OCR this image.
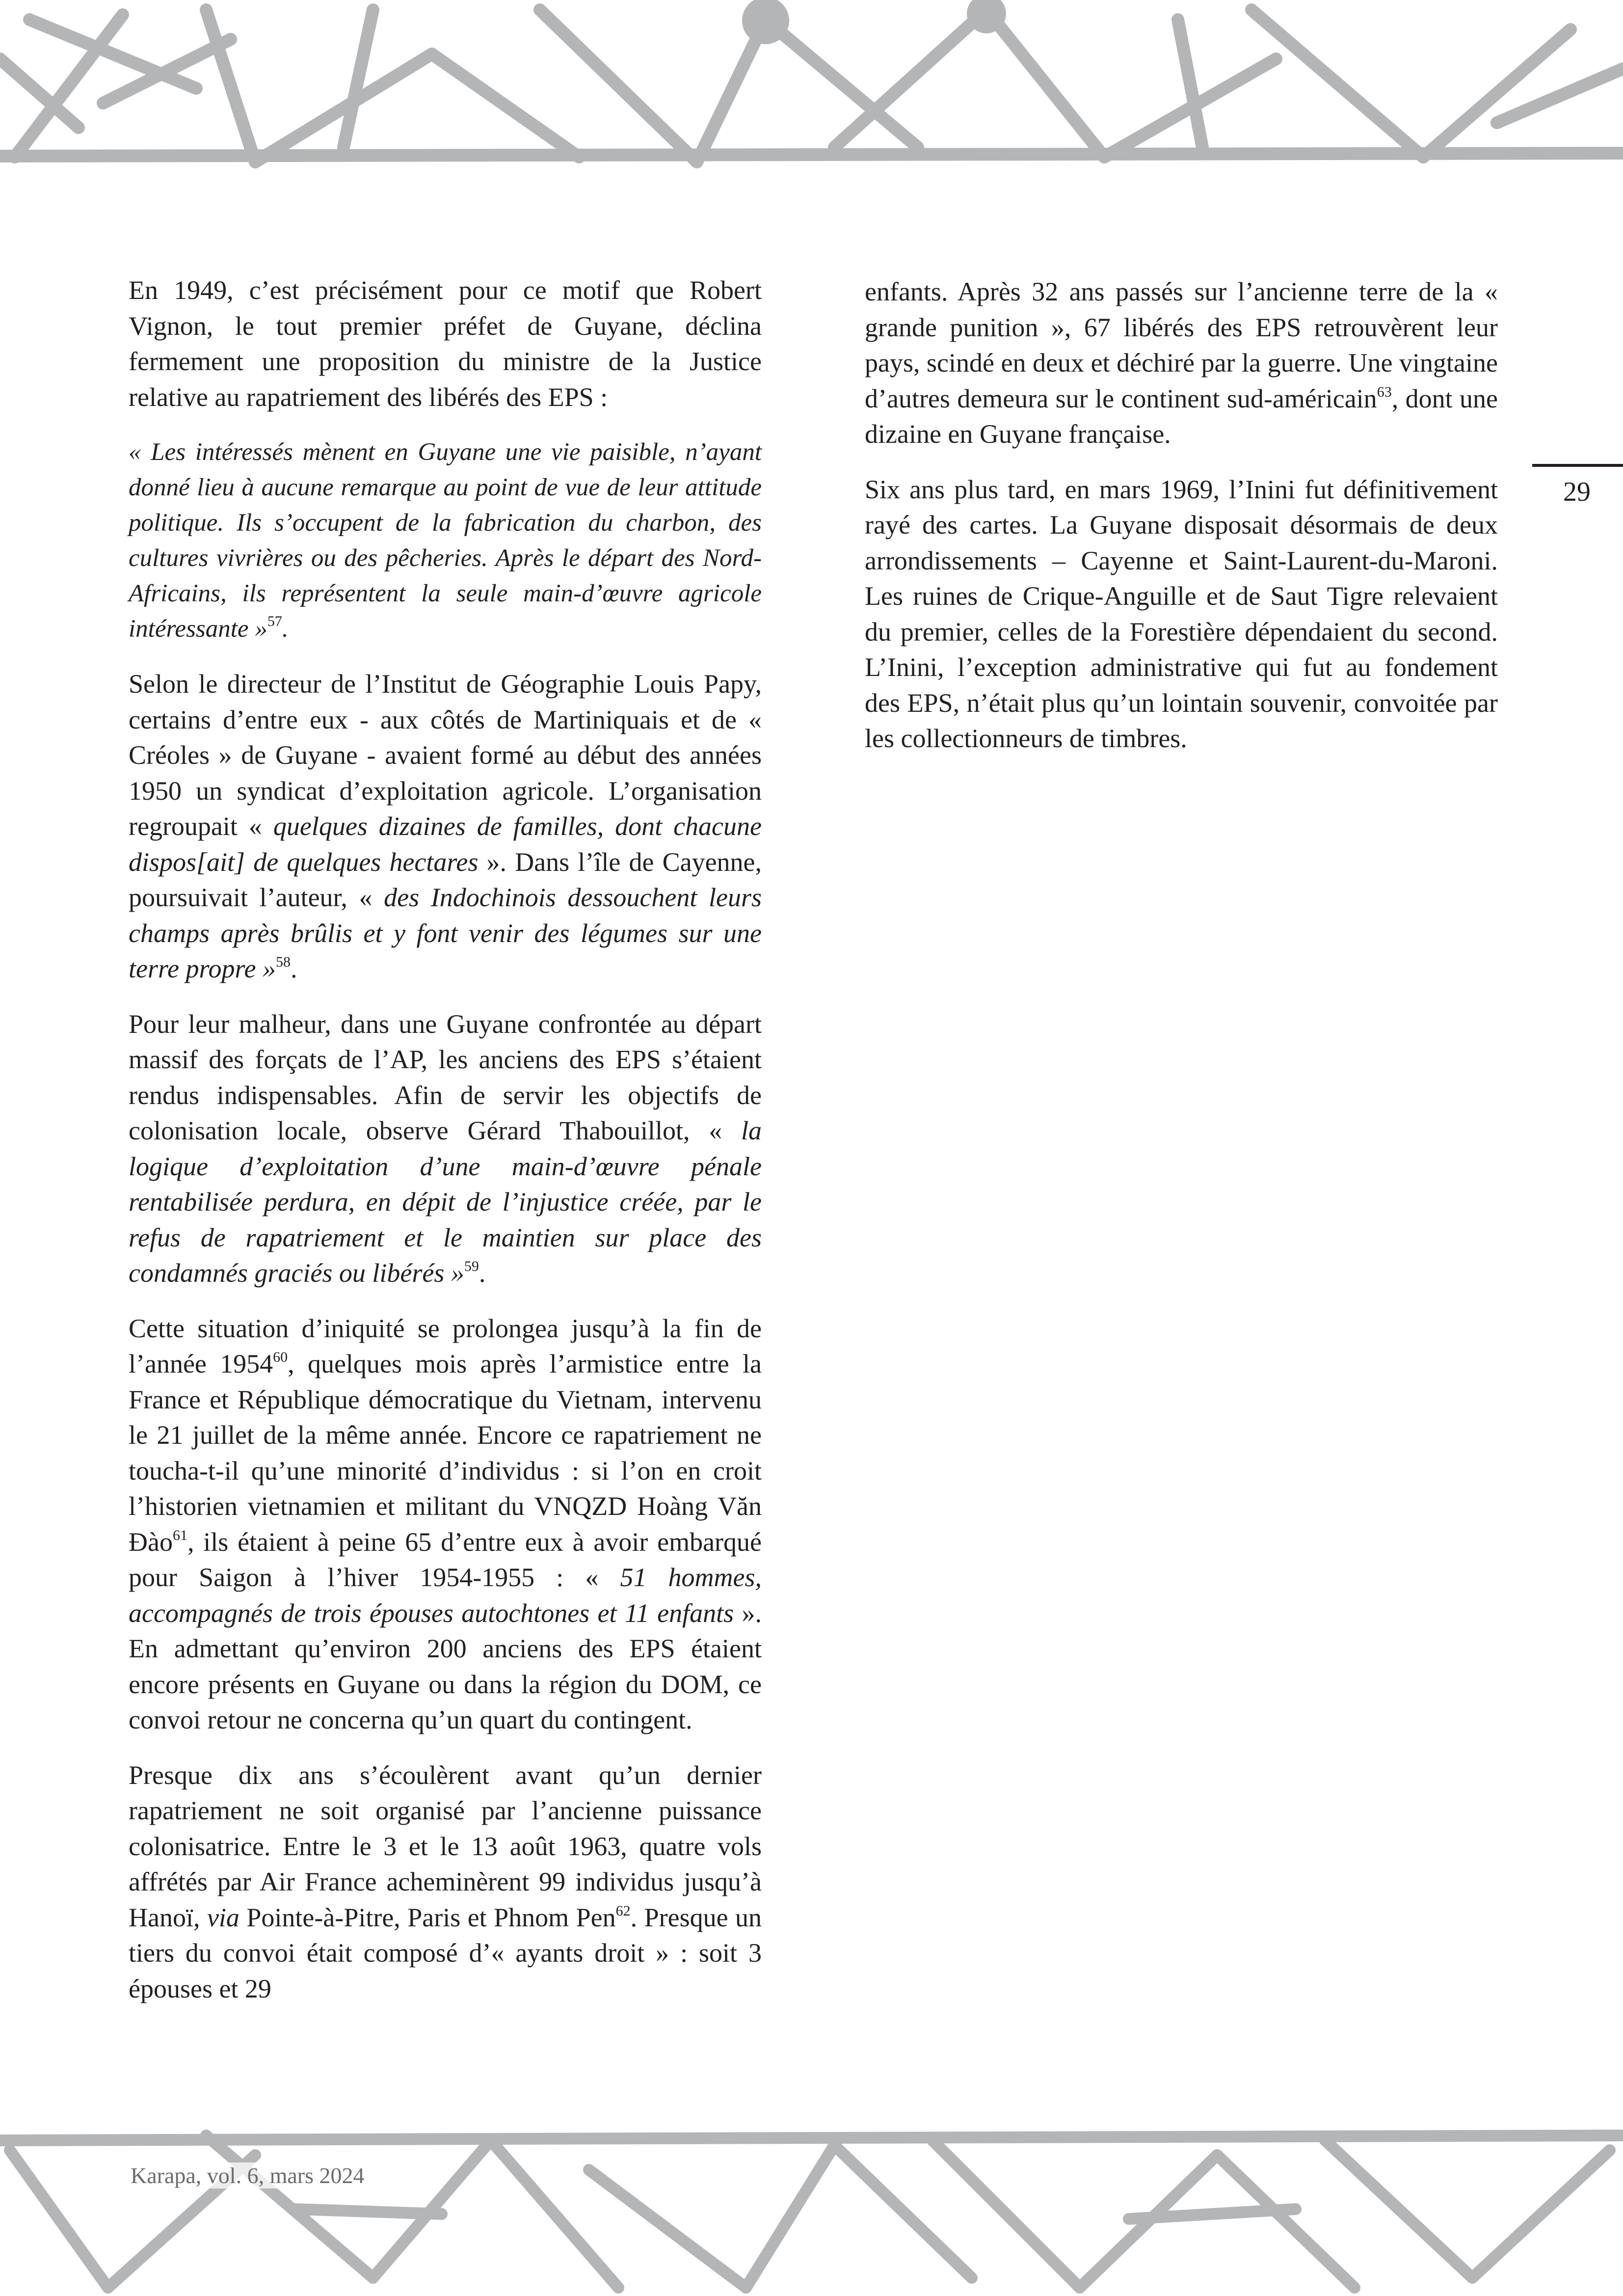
29

En 1949, c’est précisément pour ce motif que Robert Vignon, le tout premier préfet de Guyane, déclina fermement une proposition du ministre de la Justice relative au rapatriement des libérés des EPS :

« Les intéressés mènent en Guyane une vie paisible, n’ayant donné lieu à aucune remarque au point de vue de leur attitude politique. Ils s’occupent de la fabrication du charbon, des cultures vivrières ou des pêcheries. Après le départ des Nord-Africains, ils représentent la seule main-d’œuvre agricole intéressante »$^{57}$.

Selon le directeur de l’Institut de Géographie Louis Papy, certains d’entre eux - aux côtés de Martiniquais et de « Créoles » de Guyane - avaient formé au début des années 1950 un syndicat d’exploitation agricole. L’organisation regroupait « quelques dizaines de familles, dont chacune dispos[ait] de quelques hectares ». Dans l’île de Cayenne, poursuivait l’auteur, « des Indochinois dessouchent leurs champs après brûlis et y font venir des légumes sur une terre propre »$^{58}$.

Pour leur malheur, dans une Guyane confrontée au départ massif des forçats de l’AP, les anciens des EPS s’étaient rendus indispensables. Afin de servir les objectifs de colonisation locale, observe Gérard Thabouillot, « la logique d’exploitation d’une main-d’œuvre pénale rentabilisée perdura, en dépit de l’injustice créée, par le refus de rapatriement et le maintien sur place des condamnés graciés ou libérés »$^{59}$.

Cette situation d’iniquité se prolongea jusqu’à la fin de l’année 1954$^{60}$, quelques mois après l’armistice entre la France et République démocratique du Vietnam, intervenu le 21 juillet de la même année. Encore ce rapatriement ne toucha-t-il qu’une minorité d’individus : si l’on en croit l’historien vietnamien et militant du VNQZD Hoàng Văn Đào$^{61}$, ils étaient à peine 65 d’entre eux à avoir embarqué pour Saigon à l’hiver 1954-1955 : « 51 hommes, accompagnés de trois épouses autochtones et 11 enfants ». En admettant qu’environ 200 anciens des EPS étaient encore présents en Guyane ou dans la région du DOM, ce convoi retour ne concerna qu’un quart du contingent.

Presque dix ans s’écoulèrent avant qu’un dernier rapatriement ne soit organisé par l’ancienne puissance colonisatrice. Entre le 3 et le 13 août 1963, quatre vols affrétés par Air France acheminèrent 99 individus jusqu’à Hanoï, via Pointe-à-Pitre, Paris et Phnom Pen$^{62}$. Presque un tiers du convoi était composé d’« ayants droit » : soit 3 épouses et 29

enfants. Après 32 ans passés sur l’ancienne terre de la « grande punition », 67 libérés des EPS retrouvèrent leur pays, scindé en deux et déchiré par la guerre. Une vingtaine d’autres demeura sur le continent sud-américain$^{63}$, dont une dizaine en Guyane française.

Six ans plus tard, en mars 1969, l’Inini fut définitivement rayé des cartes. La Guyane disposait désormais de deux arrondissements – Cayenne et Saint-Laurent-du-Maroni. Les ruines de Crique-Anguille et de Saut Tigre relevaient du premier, celles de la Forestière dépendaient du second. L’Inini, l’exception administrative qui fut au fondement des EPS, n’était plus qu’un lointain souvenir, convoitée par les collectionneurs de timbres.

Karapa, vol. 6, mars 2024
